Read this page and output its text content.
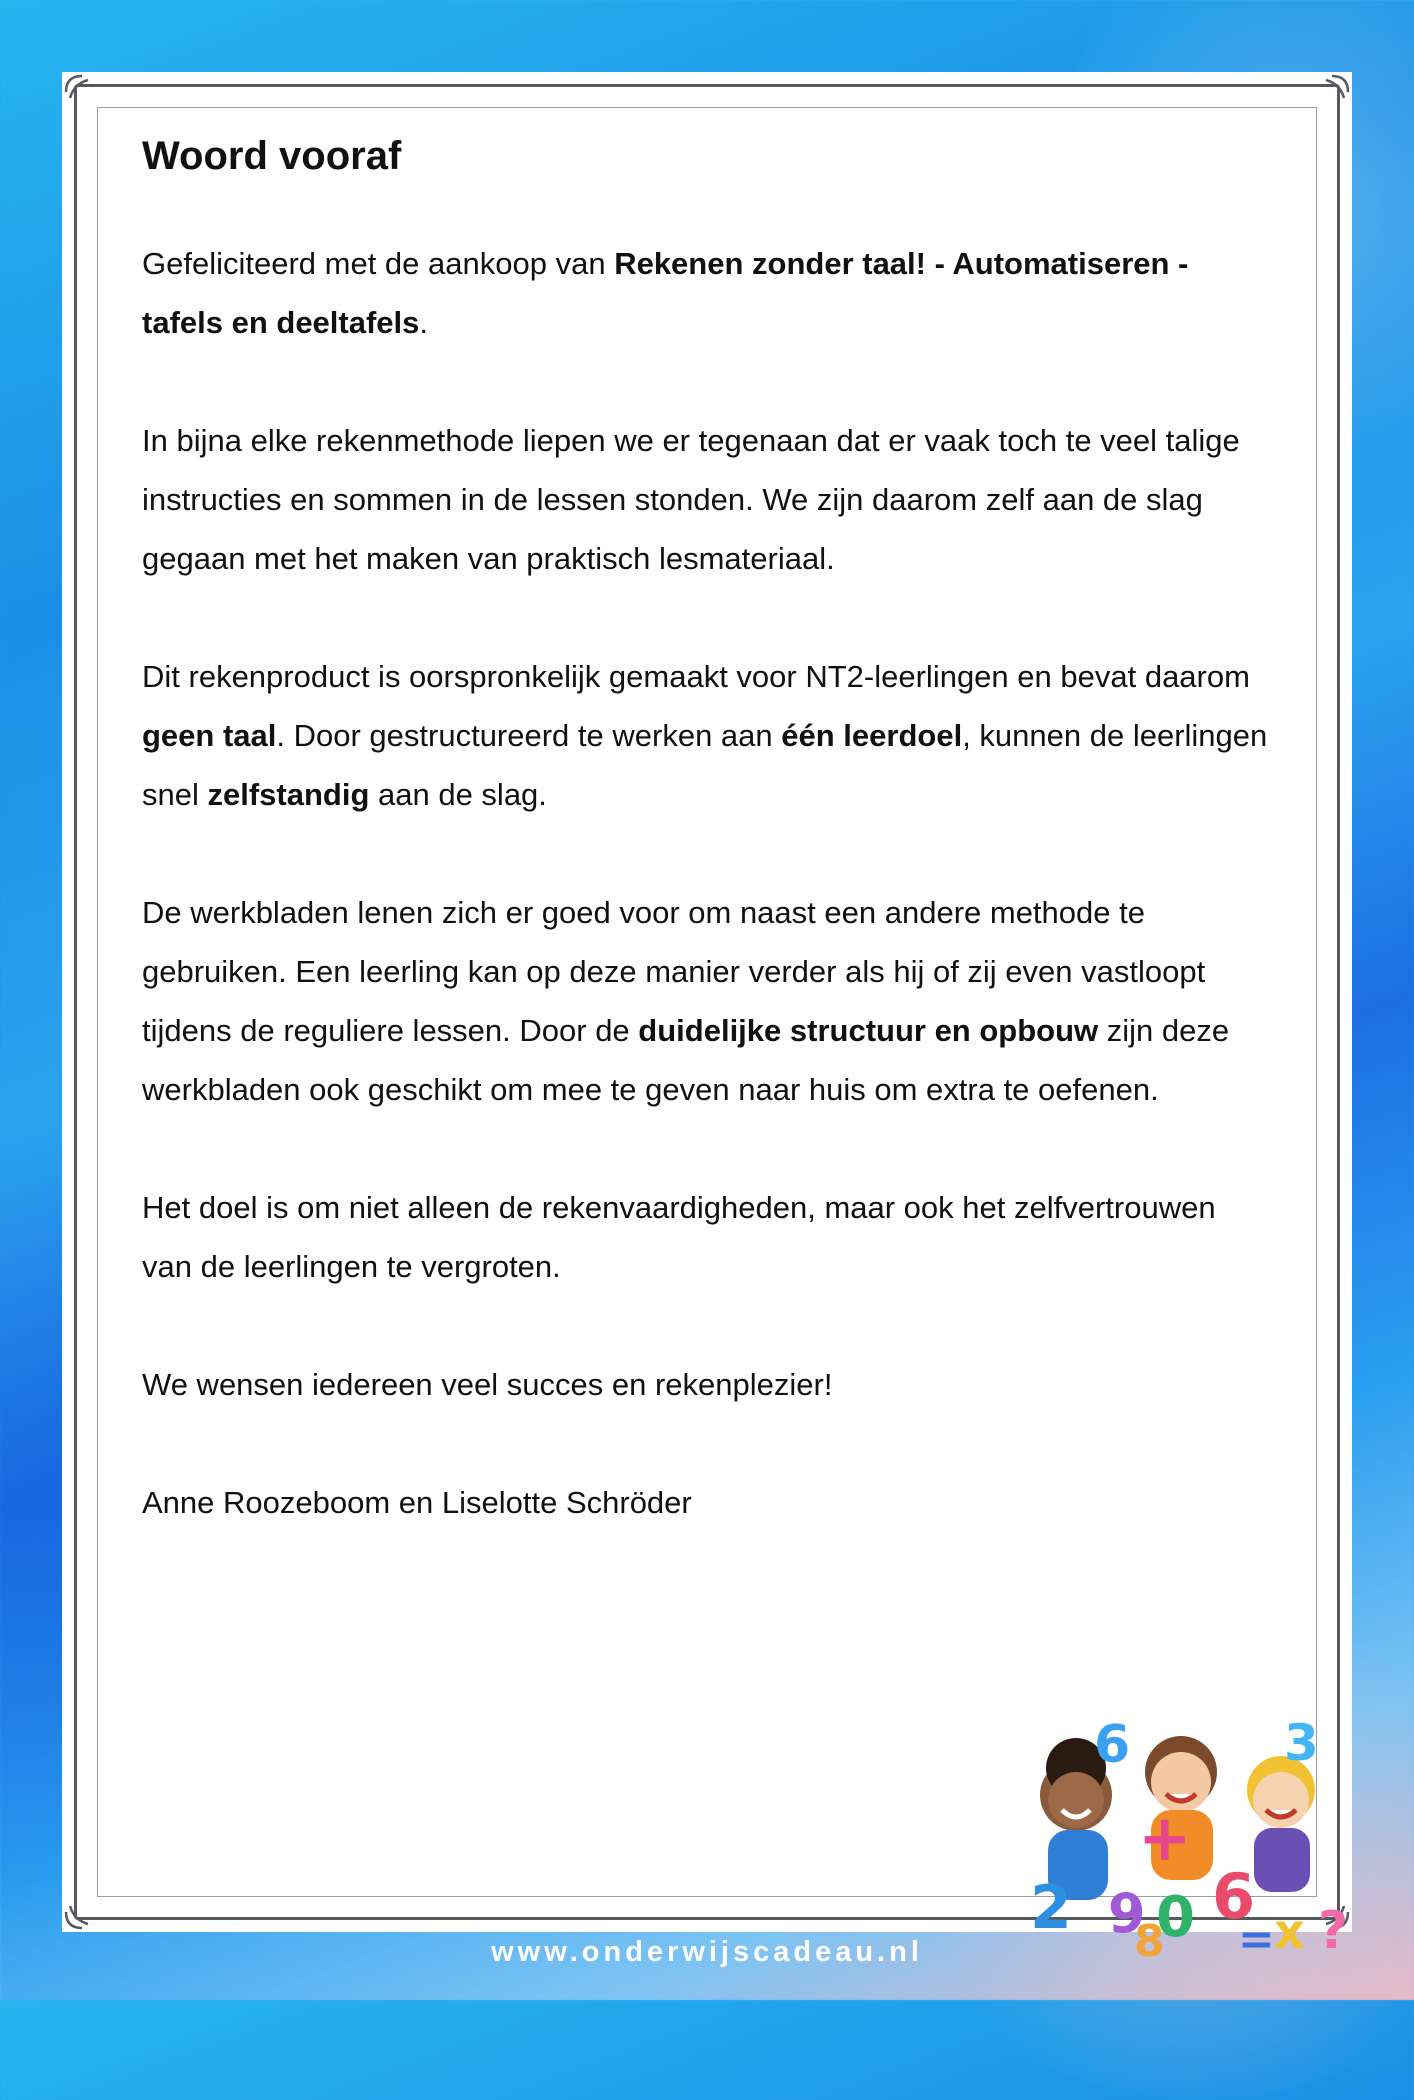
Woord vooraf

Gefeliciteerd met de aankoop van Rekenen zonder taal! - Automatiseren - tafels en deeltafels.

In bijna elke rekenmethode liepen we er tegenaan dat er vaak toch te veel talige instructies en sommen in de lessen stonden. We zijn daarom zelf aan de slag gegaan met het maken van praktisch lesmateriaal.

Dit rekenproduct is oorspronkelijk gemaakt voor NT2-leerlingen en bevat daarom geen taal. Door gestructureerd te werken aan één leerdoel, kunnen de leerlingen snel zelfstandig aan de slag.

De werkbladen lenen zich er goed voor om naast een andere methode te gebruiken. Een leerling kan op deze manier verder als hij of zij even vastloopt tijdens de reguliere lessen. Door de duidelijke structuur en opbouw zijn deze werkbladen ook geschikt om mee te geven naar huis om extra te oefenen.

Het doel is om niet alleen de rekenvaardigheden, maar ook het zelfvertrouwen van de leerlingen te vergroten.

We wensen iedereen veel succes en rekenplezier!

Anne Roozeboom en Liselotte Schröder

6	3
+
2 9 0 6
8	?
x
=
www.onderwijscadeau.nl
